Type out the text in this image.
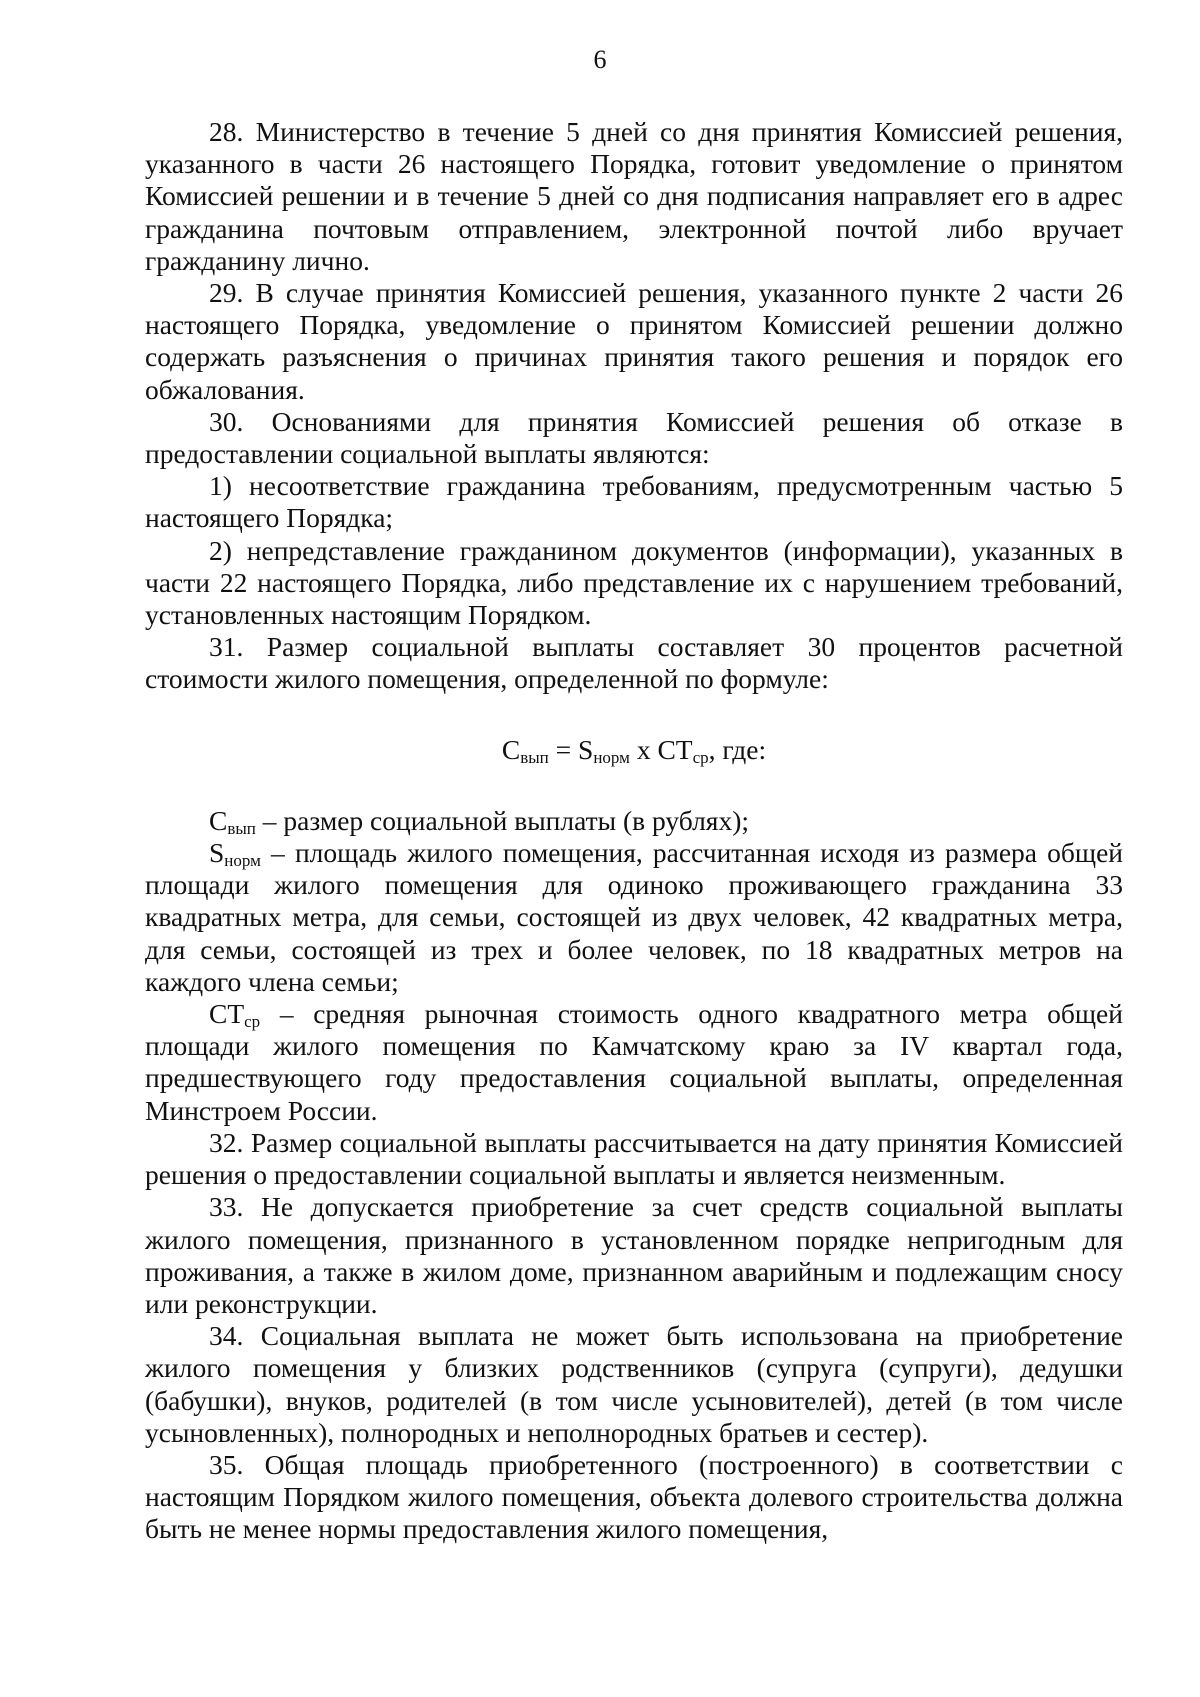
6

28. Министерство в течение 5 дней со дня принятия Комиссией решения, указанного в части 26 настоящего Порядка, готовит уведомление о принятом Комиссией решении и в течение 5 дней со дня подписания направляет его в адрес гражданина почтовым отправлением, электронной почтой либо вручает гражданину лично.

29. В случае принятия Комиссией решения, указанного пункте 2 части 26 настоящего Порядка, уведомление о принятом Комиссией решении должно содержать разъяснения о причинах принятия такого решения и порядок его обжалования.

30. Основаниями для принятия Комиссией решения об отказе в предоставлении социальной выплаты являются:

1) несоответствие гражданина требованиям, предусмотренным частью 5 настоящего Порядка;

2) непредставление гражданином документов (информации), указанных в части 22 настоящего Порядка, либо представление их с нарушением требований, установленных настоящим Порядком.

31. Размер социальной выплаты составляет 30 процентов расчетной стоимости жилого помещения, определенной по формуле:

$С_{вып} = S_{норм}$ х $СТ_{ср}$, где:

$С_{вып}$ – размер социальной выплаты (в рублях);

$S_{норм}$ – площадь жилого помещения, рассчитанная исходя из размера общей площади жилого помещения для одиноко проживающего гражданина 33 квадратных метра, для семьи, состоящей из двух человек, 42 квадратных метра, для семьи, состоящей из трех и более человек, по 18 квадратных метров на каждого члена семьи;

$СТ_{ср}$ – средняя рыночная стоимость одного квадратного метра общей площади жилого помещения по Камчатскому краю за IV квартал года, предшествующего году предоставления социальной выплаты, определенная Минстроем России.

32. Размер социальной выплаты рассчитывается на дату принятия Комиссией решения о предоставлении социальной выплаты и является неизменным.

33. Не допускается приобретение за счет средств социальной выплаты жилого помещения, признанного в установленном порядке непригодным для проживания, а также в жилом доме, признанном аварийным и подлежащим сносу или реконструкции.

34. Социальная выплата не может быть использована на приобретение жилого помещения у близких родственников (супруга (супруги), дедушки (бабушки), внуков, родителей (в том числе усыновителей), детей (в том числе усыновленных), полнородных и неполнородных братьев и сестер).

35. Общая площадь приобретенного (построенного) в соответствии с настоящим Порядком жилого помещения, объекта долевого строительства должна быть не менее нормы предоставления жилого помещения,
